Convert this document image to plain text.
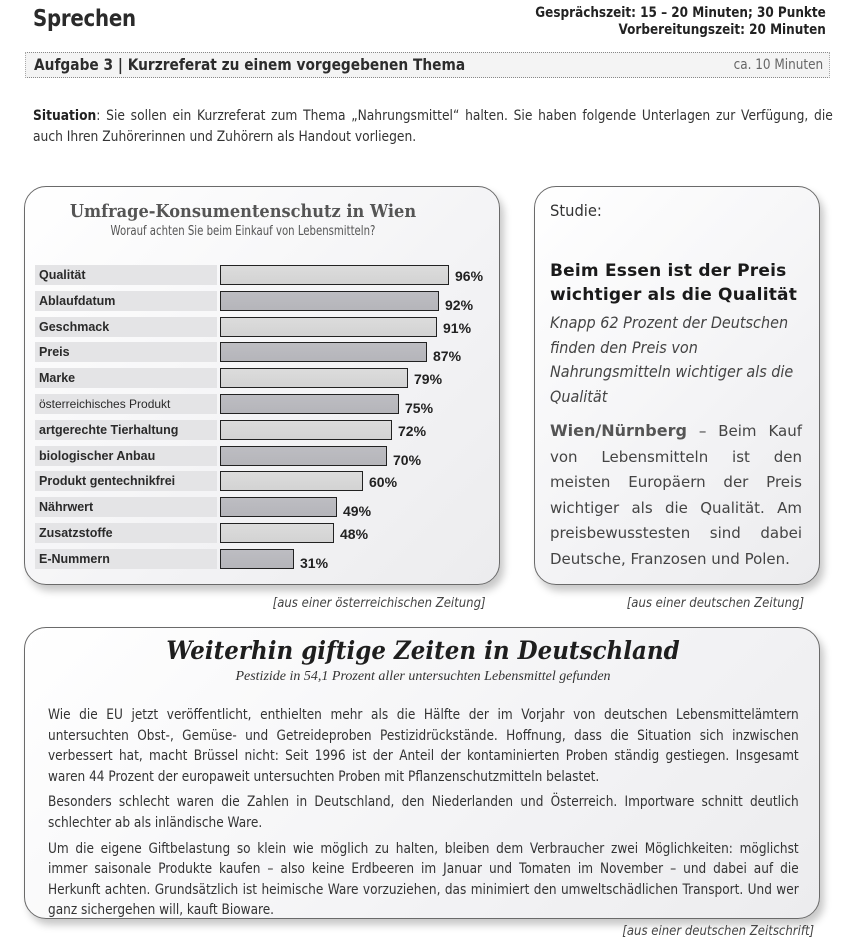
Sprechen	Gesprächszeit: 15 – 20 Minuten; 30 Punkte
Vorbereitungszeit: 20 Minuten
Aufgabe 3 | Kurzreferat zu einem vorgegebenen Thema	ca. 10 Minuten
Situation: Sie sollen ein Kurzreferat zum Thema „Nahrungsmittel“ halten. Sie haben folgende Unterlagen zur Verfügung, die auch Ihren Zuhörerinnen und Zuhörern als Handout vorliegen.
Umfrage-Konsumentenschutz in Wien
Worauf achten Sie beim Einkauf von Lebensmitteln?
Qualität	96%
Ablaufdatum	92%
Geschmack	91%
Preis	87%
Marke	79%
österreichisches Produkt	75%
artgerechte Tierhaltung	72%
biologischer Anbau	70%
Produkt gentechnikfrei	60%
Nährwert	49%
Zusatzstoffe	48%
E-Nummern	31%
[aus einer österreichischen Zeitung]
Studie:
Beim Essen ist der Preis wichtiger als die Qualität
Knapp 62 Prozent der Deutschen finden den Preis von Nahrungsmitteln wichtiger als die Qualität
Wien/Nürnberg – Beim Kauf von Lebensmitteln ist den meisten Europäern der Preis wichtiger als die Qualität. Am preisbewusstesten sind dabei Deutsche, Franzosen und Polen.
[aus einer deutschen Zeitung]
Weiterhin giftige Zeiten in Deutschland
Pestizide in 54,1 Prozent aller untersuchten Lebensmittel gefunden

Wie die EU jetzt veröffentlicht, enthielten mehr als die Hälfte der im Vorjahr von deutschen Lebensmittelämtern untersuchten Obst-, Gemüse- und Getreideproben Pestizidrückstände. Hoffnung, dass die Situation sich inzwischen verbessert hat, macht Brüssel nicht: Seit 1996 ist der Anteil der kontaminierten Proben ständig gestiegen. Insgesamt waren 44 Prozent der europaweit untersuchten Proben mit Pflanzenschutzmitteln belastet.

Besonders schlecht waren die Zahlen in Deutschland, den Niederlanden und Österreich. Importware schnitt deutlich schlechter ab als inländische Ware.

Um die eigene Giftbelastung so klein wie möglich zu halten, bleiben dem Verbraucher zwei Möglichkeiten: möglichst immer saisonale Produkte kaufen – also keine Erdbeeren im Januar und Tomaten im November – und dabei auf die Herkunft achten. Grundsätzlich ist heimische Ware vorzuziehen, das minimiert den umweltschädlichen Transport. Und wer ganz sichergehen will, kauft Bioware.

[aus einer deutschen Zeitschrift]
